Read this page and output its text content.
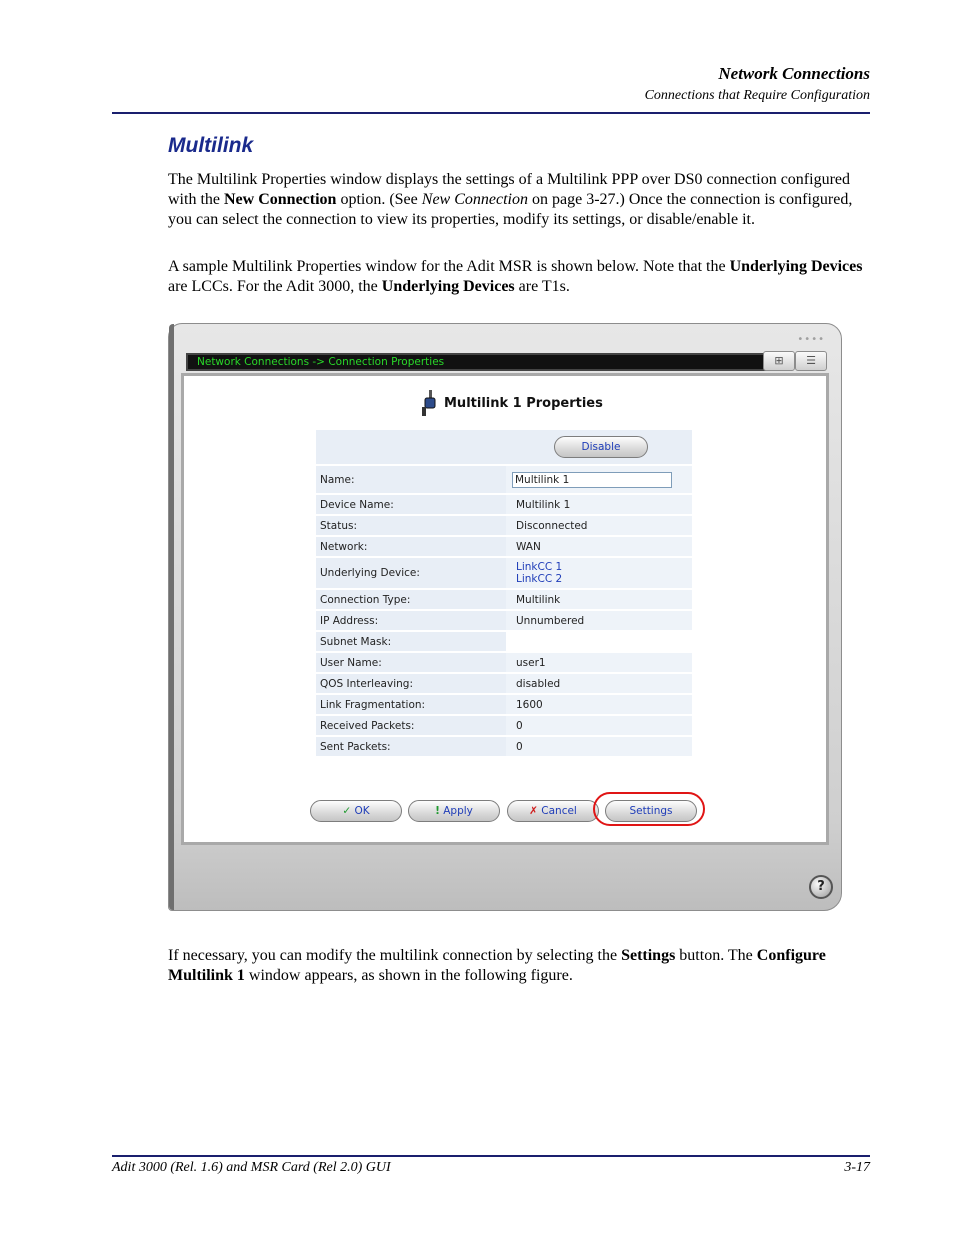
Network Connections
Connections that Require Configuration
Multilink

The Multilink Properties window displays the settings of a Multilink PPP over DS0 connection configured with the New Connection option. (See New Connection on page 3-27.) Once the connection is configured, you can select the connection to view its properties, modify its settings, or disable/enable it.

A sample Multilink Properties window for the Adit MSR is shown below. Note that the Underlying Devices are LCCs. For the Adit 3000, the Underlying Devices are T1s.

••••
Network Connections -> Connection Properties	⊞	☰
Multilink 1 Properties
Disable	
Name:	Multilink 1
Device Name:	Multilink 1
Status:	Disconnected
Network:	WAN
Underlying Device:	LinkCC 1
LinkCC 2

Connection Type:	Multilink
IP Address:	Unnumbered
Subnet Mask:	
User Name:	user1
QOS Interleaving:	disabled
Link Fragmentation:	1600
Received Packets:	0
Sent Packets:	0
✓ OK	! Apply	✗ Cancel	Settings
?

If necessary, you can modify the multilink connection by selecting the Settings button. The Configure Multilink 1 window appears, as shown in the following figure.

Adit 3000 (Rel. 1.6) and MSR Card (Rel 2.0) GUI	3-17
